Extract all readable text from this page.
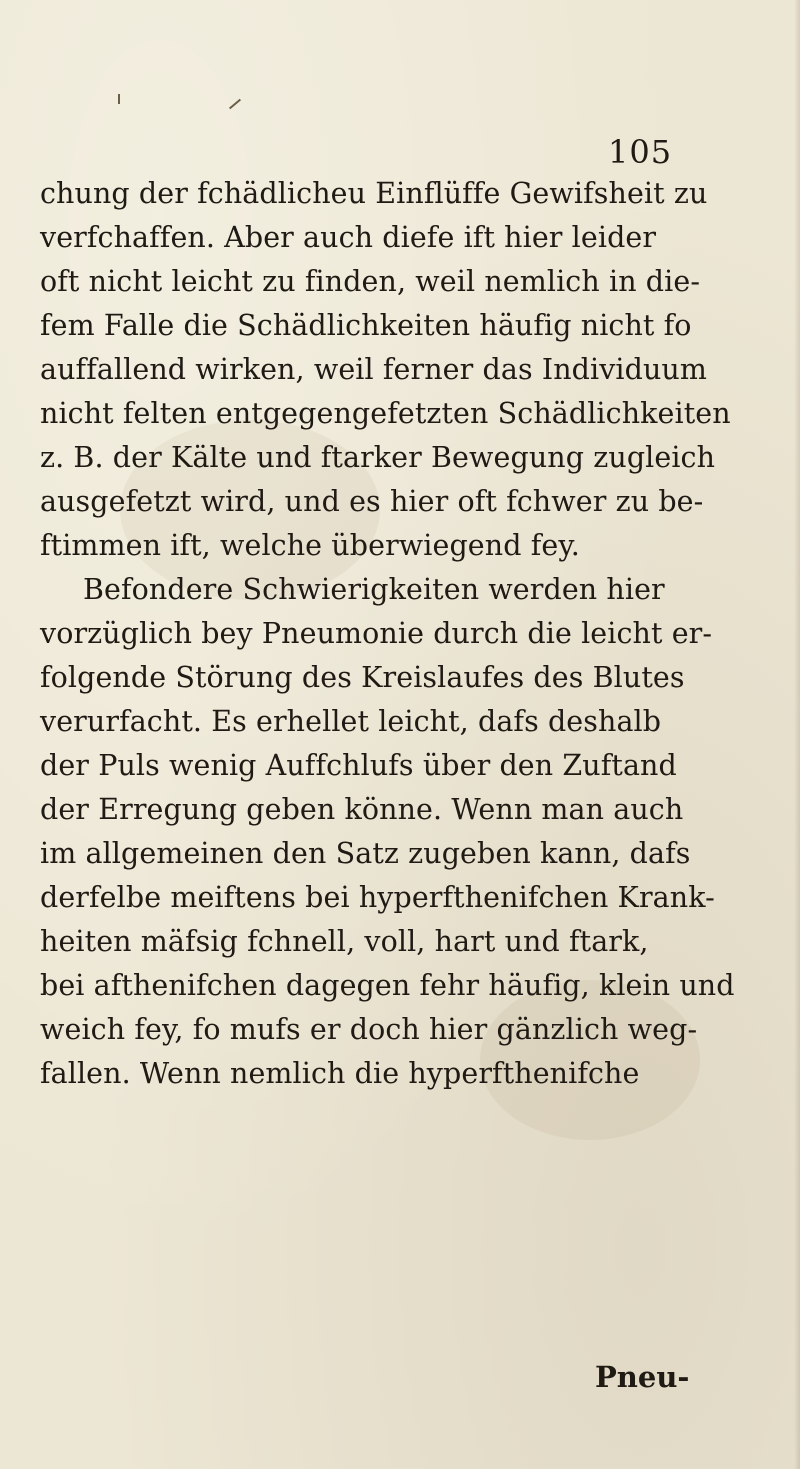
105
chung der fchädlicheu Einflüffe Gewifsheit zu
verfchaffen. Aber auch diefe ift hier leider
oft nicht leicht zu finden, weil nemlich in die-
fem Falle die Schädlichkeiten häufig nicht fo
auffallend wirken, weil ferner das Individuum
nicht felten entgegengefetzten Schädlichkeiten
z. B. der Kälte und ftarker Bewegung zugleich
ausgefetzt wird, und es hier oft fchwer zu be-
ftimmen ift, welche überwiegend fey.
Befondere Schwierigkeiten werden hier
vorzüglich bey Pneumonie durch die leicht er-
folgende Störung des Kreislaufes des Blutes
verurfacht. Es erhellet leicht, dafs deshalb
der Puls wenig Auffchlufs über den Zuftand
der Erregung geben könne. Wenn man auch
im allgemeinen den Satz zugeben kann, dafs
derfelbe meiftens bei hyperfthenifchen Krank-
heiten mäfsig fchnell, voll, hart und ftark,
bei afthenifchen dagegen fehr häufig, klein und
weich fey, fo mufs er doch hier gänzlich weg-
fallen. Wenn nemlich die hyperfthenifche
Pneu-
